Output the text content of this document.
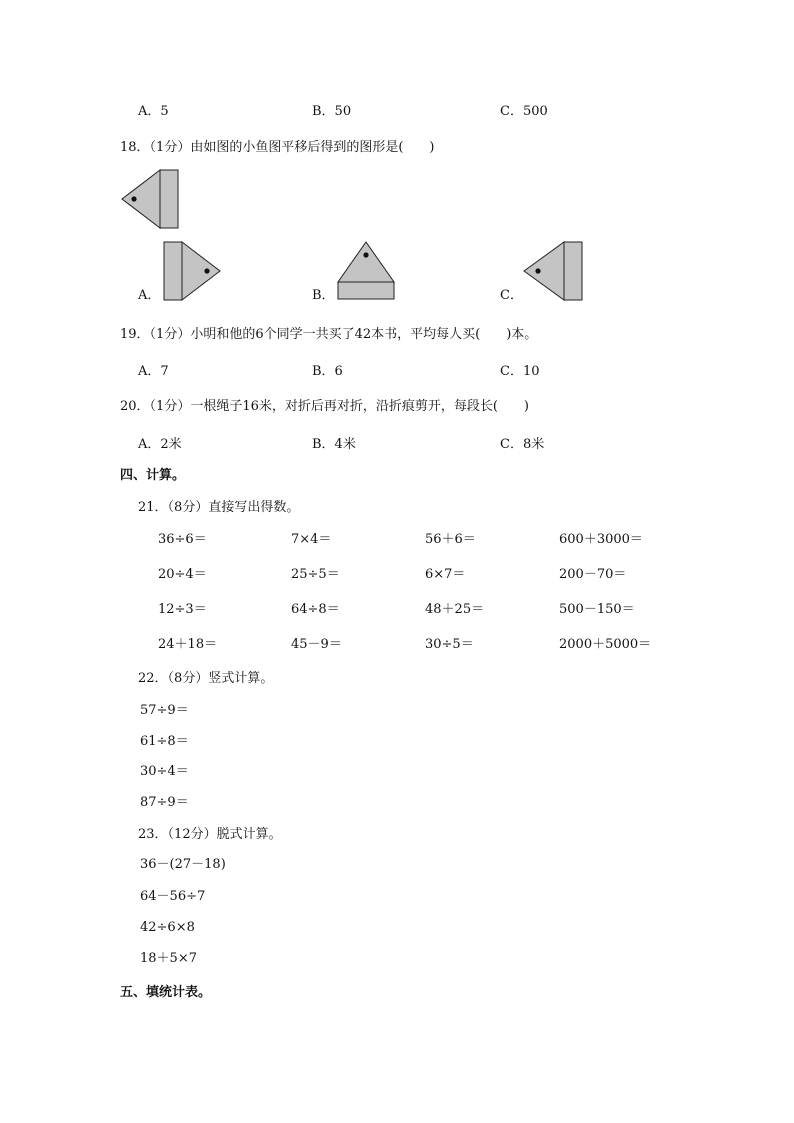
A．5	B．50	C．500
18．（1分）由如图的小鱼图平移后得到的图形是(　　)
A．	B．	C．
19．（1分）小明和他的6个同学一共买了42本书，平均每人买(　　)本。
A．7	B．6	C．10
20．（1分）一根绳子16米，对折后再对折，沿折痕剪开，每段长(　　)
A．2米	B．4米	C．8米
四、计算。
21．（8分）直接写出得数。
36÷6＝	7×4＝	56＋6＝	600＋3000＝
20÷4＝	25÷5＝	6×7＝	200－70＝
12÷3＝	64÷8＝	48＋25＝	500－150＝
24＋18＝	45－9＝	30÷5＝	2000＋5000＝
22．（8分）竖式计算。
57÷9＝
61÷8＝
30÷4＝
87÷9＝
23．（12分）脱式计算。
36－(27－18)
64－56÷7
42÷6×8
18＋5×7
五、填统计表。
